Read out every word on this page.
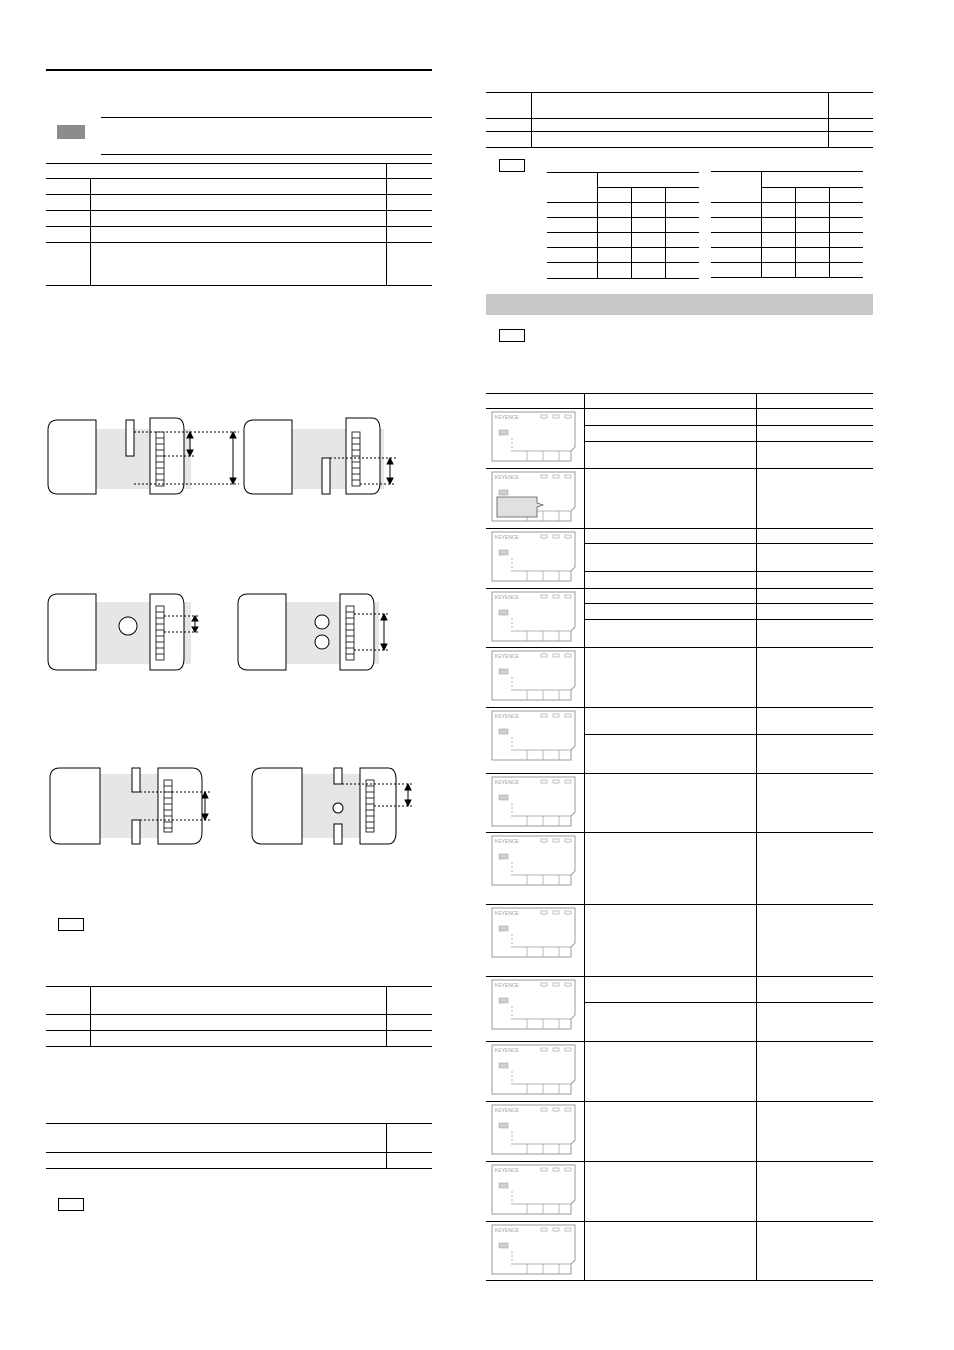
KEYENCE
KEYENCE
KEYENCE
KEYENCE
KEYENCE
KEYENCE
KEYENCE
KEYENCE
KEYENCE
KEYENCE
KEYENCE
KEYENCE
KEYENCE
KEYENCE
